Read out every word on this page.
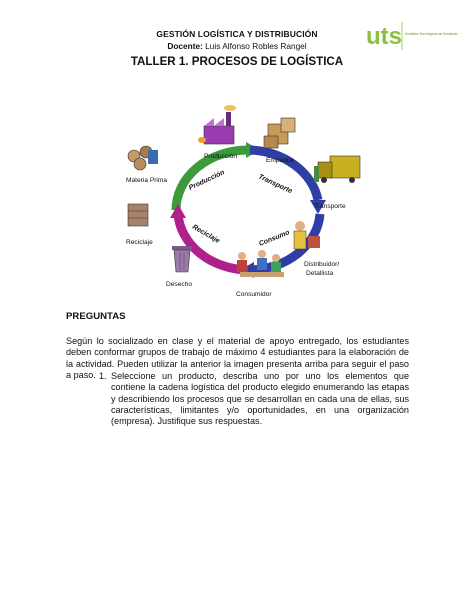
GESTIÓN LOGÍSTICA Y DISTRIBUCIÓN
Docente: Luis Alfonso Robles Rangel	uts Unidades Tecnológicas de Santander
TALLER 1. PROCESOS DE LOGÍSTICA
Producción	Transporte
Reciclaje	Consumo
Producción
Empaque
Materia Prima
Transporte
Reciclaje
Distribuidor/
Detallista
Desecho
Consumidor
PREGUNTAS
Según lo socializado en clase y el material de apoyo entregado, los estudiantes deben conformar grupos de trabajo de máximo 4 estudiantes para la elaboración de la actividad. Pueden utilizar la anterior la imagen presenta arriba para seguir el paso a paso. 1. Seleccione un producto, describa uno por uno los elementos que contiene la cadena logística del producto elegido enumerando las etapas y describiendo los procesos que se desarrollan en cada una de ellas, sus características, limitantes y/o oportunidades, en una organización (empresa). Justifique sus respuestas.
